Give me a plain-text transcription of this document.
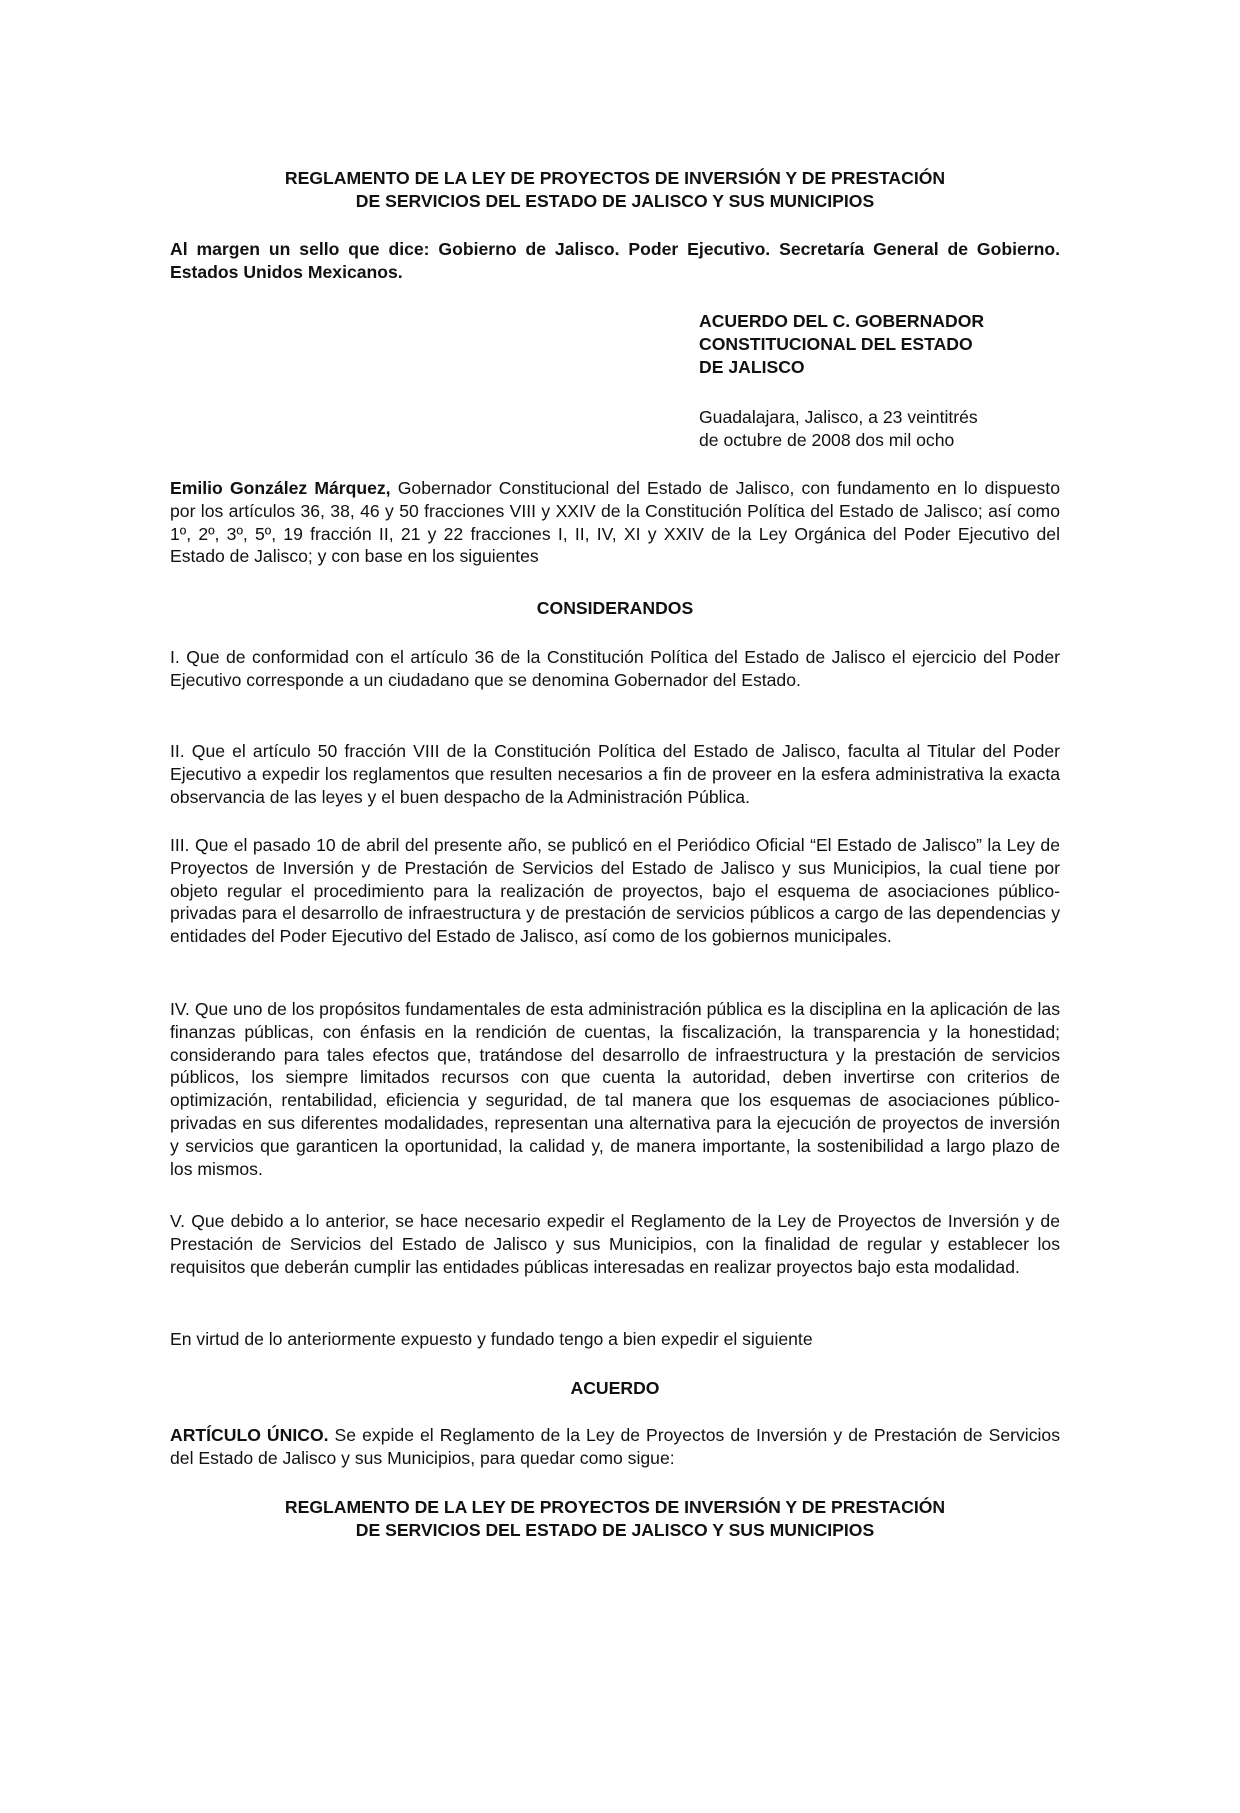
REGLAMENTO DE LA LEY DE PROYECTOS DE INVERSIÓN Y DE PRESTACIÓN
DE SERVICIOS DEL ESTADO DE JALISCO Y SUS MUNICIPIOS
Al margen un sello que dice: Gobierno de Jalisco. Poder Ejecutivo. Secretaría General de Gobierno. Estados Unidos Mexicanos.
ACUERDO DEL C. GOBERNADOR
CONSTITUCIONAL DEL ESTADO
DE JALISCO
Guadalajara, Jalisco, a 23 veintitrés
de octubre de 2008 dos mil ocho
Emilio González Márquez, Gobernador Constitucional del Estado de Jalisco, con fundamento en lo dispuesto por los artículos 36, 38, 46 y 50 fracciones VIII y XXIV de la Constitución Política del Estado de Jalisco; así como 1º, 2º, 3º, 5º, 19 fracción II, 21 y 22 fracciones I, II, IV, XI y XXIV de la Ley Orgánica del Poder Ejecutivo del Estado de Jalisco; y con base en los siguientes
CONSIDERANDOS
I. Que de conformidad con el artículo 36 de la Constitución Política del Estado de Jalisco el ejercicio del Poder Ejecutivo corresponde a un ciudadano que se denomina Gobernador del Estado.
II. Que el artículo 50 fracción VIII de la Constitución Política del Estado de Jalisco, faculta al Titular del Poder Ejecutivo a expedir los reglamentos que resulten necesarios a fin de proveer en la esfera administrativa la exacta observancia de las leyes y el buen despacho de la Administración Pública.
III. Que el pasado 10 de abril del presente año, se publicó en el Periódico Oficial “El Estado de Jalisco” la Ley de Proyectos de Inversión y de Prestación de Servicios del Estado de Jalisco y sus Municipios, la cual tiene por objeto regular el procedimiento para la realización de proyectos, bajo el esquema de asociaciones público-privadas para el desarrollo de infraestructura y de prestación de servicios públicos a cargo de las dependencias y entidades del Poder Ejecutivo del Estado de Jalisco, así como de los gobiernos municipales.
IV. Que uno de los propósitos fundamentales de esta administración pública es la disciplina en la aplicación de las finanzas públicas, con énfasis en la rendición de cuentas, la fiscalización, la transparencia y la honestidad; considerando para tales efectos que, tratándose del desarrollo de infraestructura y la prestación de servicios públicos, los siempre limitados recursos con que cuenta la autoridad, deben invertirse con criterios de optimización, rentabilidad, eficiencia y seguridad, de tal manera que los esquemas de asociaciones público-privadas en sus diferentes modalidades, representan una alternativa para la ejecución de proyectos de inversión y servicios que garanticen la oportunidad, la calidad y, de manera importante, la sostenibilidad a largo plazo de los mismos.
V. Que debido a lo anterior, se hace necesario expedir el Reglamento de la Ley de Proyectos de Inversión y de Prestación de Servicios del Estado de Jalisco y sus Municipios, con la finalidad de regular y establecer los requisitos que deberán cumplir las entidades públicas interesadas en realizar proyectos bajo esta modalidad.
En virtud de lo anteriormente expuesto y fundado tengo a bien expedir el siguiente
ACUERDO
ARTÍCULO ÚNICO. Se expide el Reglamento de la Ley de Proyectos de Inversión y de Prestación de Servicios del Estado de Jalisco y sus Municipios, para quedar como sigue:
REGLAMENTO DE LA LEY DE PROYECTOS DE INVERSIÓN Y DE PRESTACIÓN
DE SERVICIOS DEL ESTADO DE JALISCO Y SUS MUNICIPIOS
